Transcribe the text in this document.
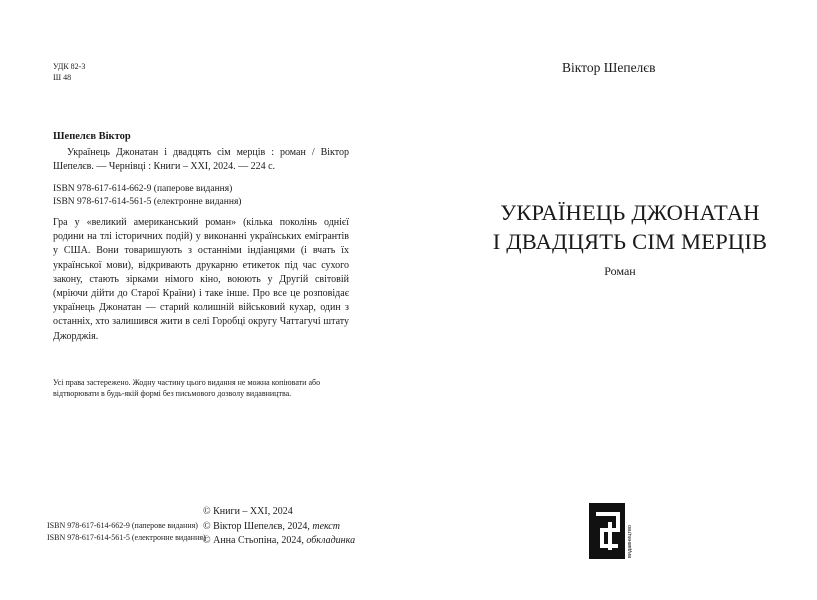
УДК 82-3
Ш 48
Шепелєв Віктор
Українець Джонатан і двадцять сім мерців : роман / Віктор Шепелєв. — Чернівці : Книги – XXI, 2024. — 224 с.
ISBN 978-617-614-662-9 (паперове видання)
ISBN 978-617-614-561-5 (електронне видання)
Гра у «великий американський роман» (кілька поколінь однієї родини на тлі історичних подій) у виконанні українських емігрантів у США. Вони товаришують з останніми індіанцями (і вчать їх української мови), відкривають друкарню етикеток під час сухого закону, стають зірками німого кіно, воюють у Другій світовій (мріючи дійти до Старої Країни) і таке інше. Про все це розповідає українець Джонатан — старий колишній військовий кухар, один з останніх, хто залишився жити в селі Горобці округу Чаттагучі штату Джорджія.
Усі права застережено. Жодну частину цього видання не можна копіювати або відтворювати в будь-якій формі без письмового дозволу видавництва.
ISBN 978-617-614-662-9 (паперове видання)
ISBN 978-617-614-561-5 (електронне видання)
© Книги – XXI, 2024
© Віктор Шепелєв, 2024, текст
© Анна Стьопіна, 2024, обкладинка
Віктор Шепелєв
УКРАЇНЕЦЬ ДЖОНАТАН
І ДВАДЦЯТЬ СІМ МЕРЦІВ
Роман
видавництво
